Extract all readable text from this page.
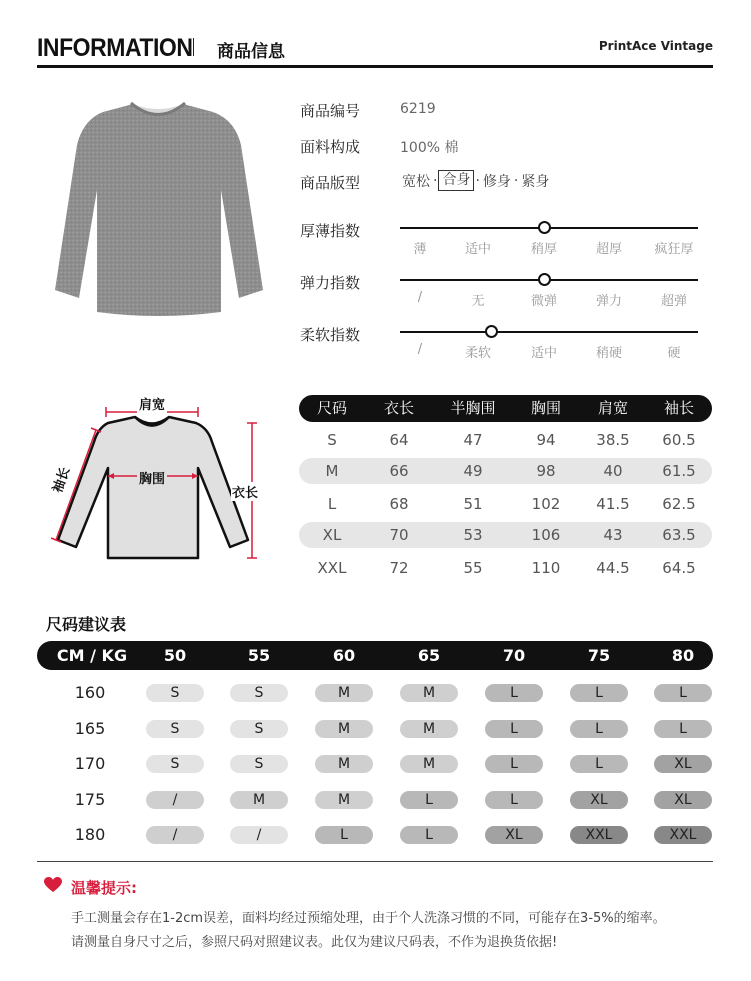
INFORMATION 商品信息	PrintAce Vintage
商品编号	6219
面料构成	100% 棉
商品版型	宽松 · 合身 · 修身 · 紧身
厚薄指数
薄	适中	稍厚	超厚	疯狂厚
弹力指数
/	无	微弹	弹力	超弹
柔软指数
/	柔软	适中	稍硬	硬
肩宽
胸围
衣长
袖长
尺码	衣长	半胸围	胸围	肩宽	袖长
S	64	47	94	38.5	60.5
M	66	49	98	40	61.5
L	68	51	102	41.5	62.5
XL	70	53	106	43	63.5
XXL	72	55	110	44.5	64.5
尺码建议表
CM / KG	50	55	60	65	70	75	80
160	S	S	M	M	L	L	L
165	S	S	M	M	L	L	L
170	S	S	M	M	L	L	XL
175	/	M	M	L	L	XL	XL
180	/	/	L	L	XL	XXL	XXL
温馨提示:
手工测量会存在1-2cm误差，面料均经过预缩处理，由于个人洗涤习惯的不同，可能存在3-5%的缩率。
请测量自身尺寸之后，参照尺码对照建议表。此仅为建议尺码表，不作为退换货依据!
